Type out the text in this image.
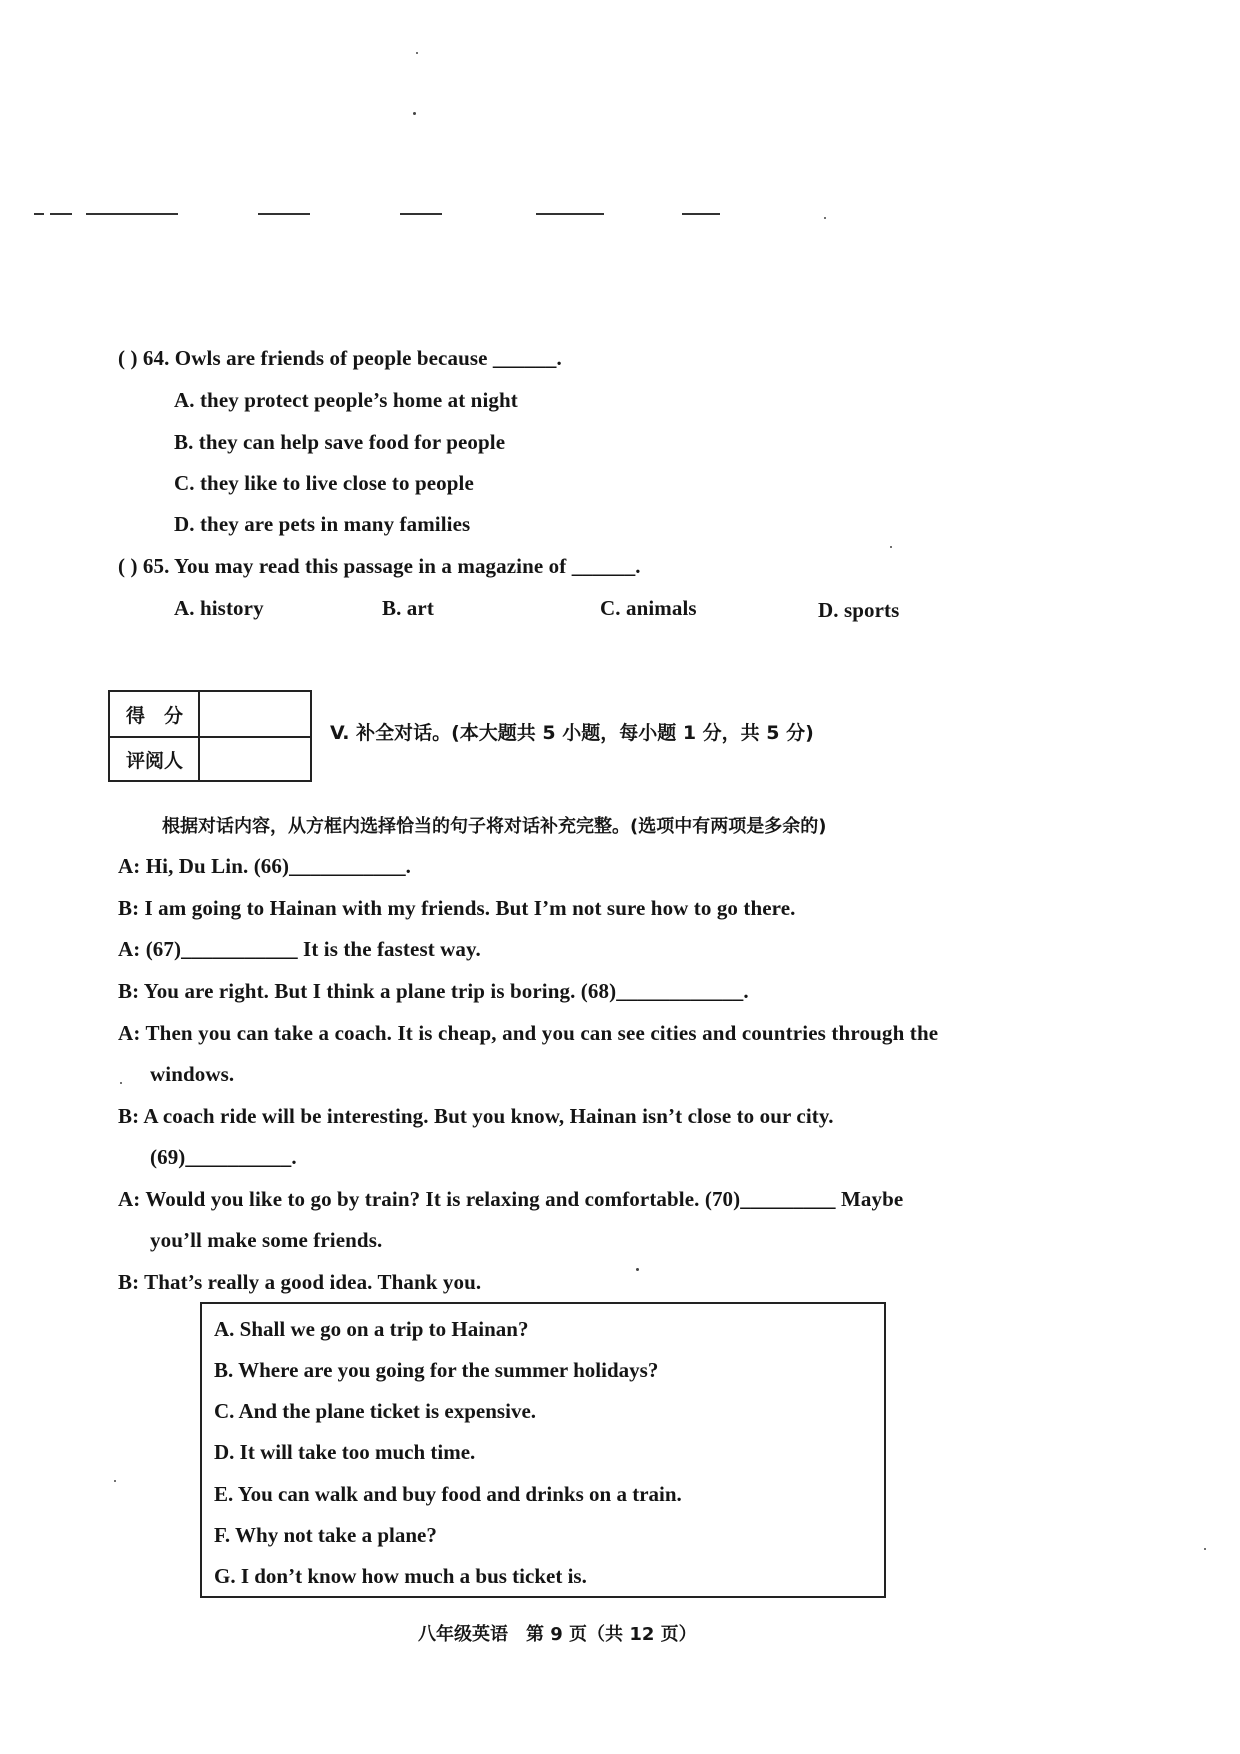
( ) 64. Owls are friends of people because ______.
A. they protect people’s home at night
B. they can help save food for people
C. they like to live close to people
D. they are pets in many families
( ) 65. You may read this passage in a magazine of ______.
A. history	B. art	C. animals	D. sports
得　分
评阅人
V. 补全对话。(本大题共 5 小题，每小题 1 分，共 5 分)
根据对话内容，从方框内选择恰当的句子将对话补充完整。(选项中有两项是多余的)
A: Hi, Du Lin. (66)___________.
B: I am going to Hainan with my friends. But I’m not sure how to go there.
A: (67)___________ It is the fastest way.
B: You are right. But I think a plane trip is boring. (68)____________.
A: Then you can take a coach. It is cheap, and you can see cities and countries through the
windows.
B: A coach ride will be interesting. But you know, Hainan isn’t close to our city.
(69)__________.
A: Would you like to go by train? It is relaxing and comfortable. (70)_________ Maybe
you’ll make some friends.
B: That’s really a good idea. Thank you.
A. Shall we go on a trip to Hainan?
B. Where are you going for the summer holidays?
C. And the plane ticket is expensive.
D. It will take too much time.
E. You can walk and buy food and drinks on a train.
F. Why not take a plane?
G. I don’t know how much a bus ticket is.
八年级英语　第 9 页（共 12 页）
